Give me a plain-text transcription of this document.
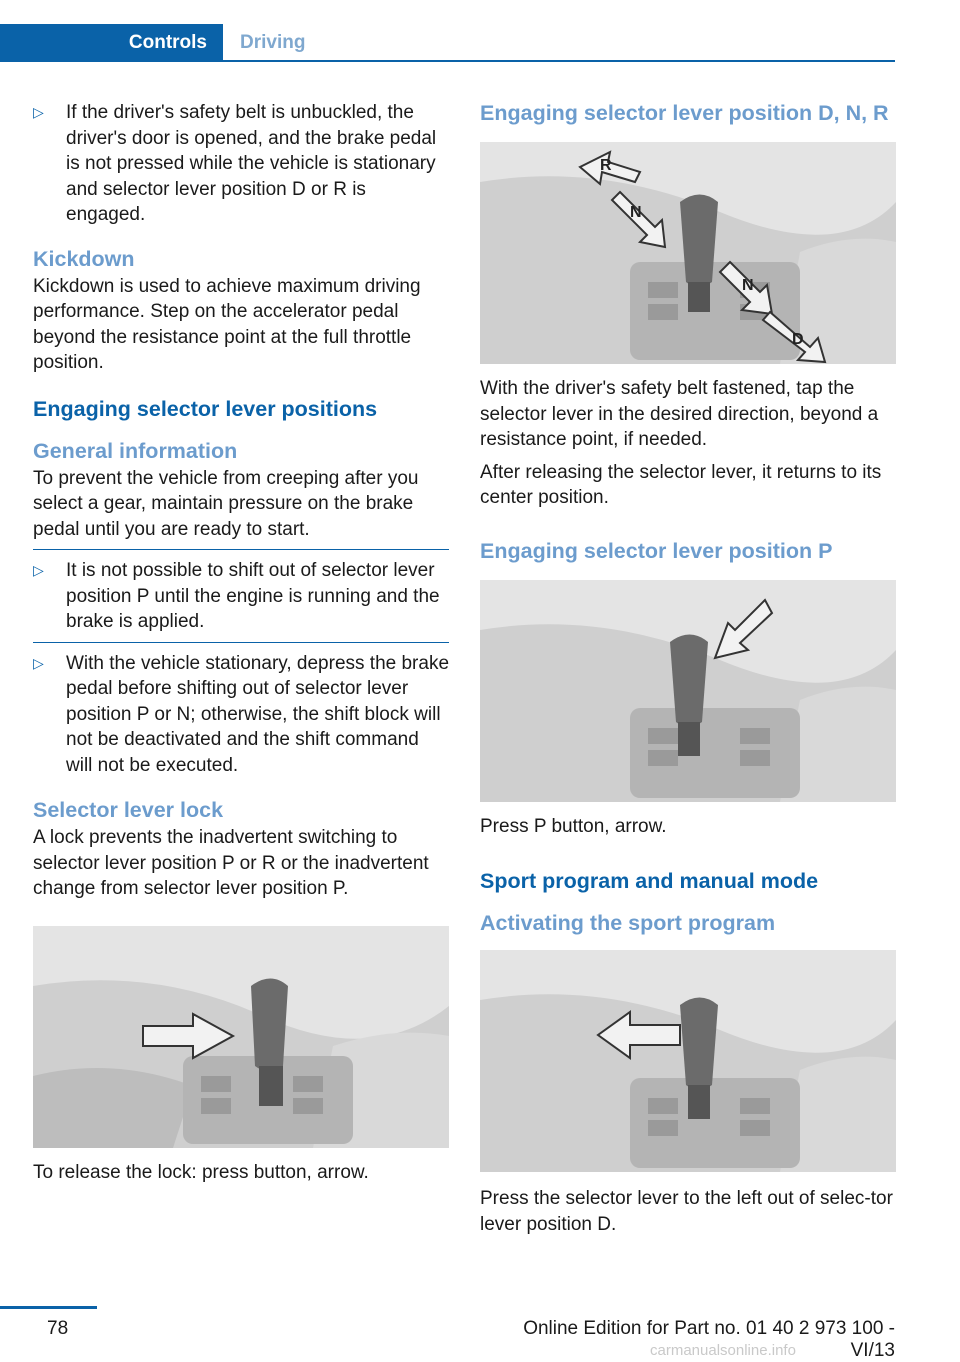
Controls	Driving
▷ If the driver's safety belt is unbuckled, the driver's door is opened, and the brake pedal is not pressed while the vehicle is stationary and selector lever position D or R is engaged.
Kickdown

Kickdown is used to achieve maximum driving performance. Step on the accelerator pedal beyond the resistance point at the full throttle position.

Engaging selector lever positions
General information

To prevent the vehicle from creeping after you select a gear, maintain pressure on the brake pedal until you are ready to start.

▷ It is not possible to shift out of selector lever position P until the engine is running and the brake is applied.
▷ With the vehicle stationary, depress the brake pedal before shifting out of selector lever position P or N; otherwise, the shift block will not be deactivated and the shift command will not be executed.
Selector lever lock

A lock prevents the inadvertent switching to selector lever position P or R or the inadvertent change from selector lever position P.

To release the lock: press button, arrow.

Engaging selector lever position D, N, R
R
N
N
D

With the driver's safety belt fastened, tap the selector lever in the desired direction, beyond a resistance point, if needed.

After releasing the selector lever, it returns to its center position.

Engaging selector lever position P

Press P button, arrow.

Sport program and manual mode
Activating the sport program

Press the selector lever to the left out of selec‐tor lever position D.

78	Online Edition for Part no. 01 40 2 973 100 - VI/13
carmanualsonline.info
